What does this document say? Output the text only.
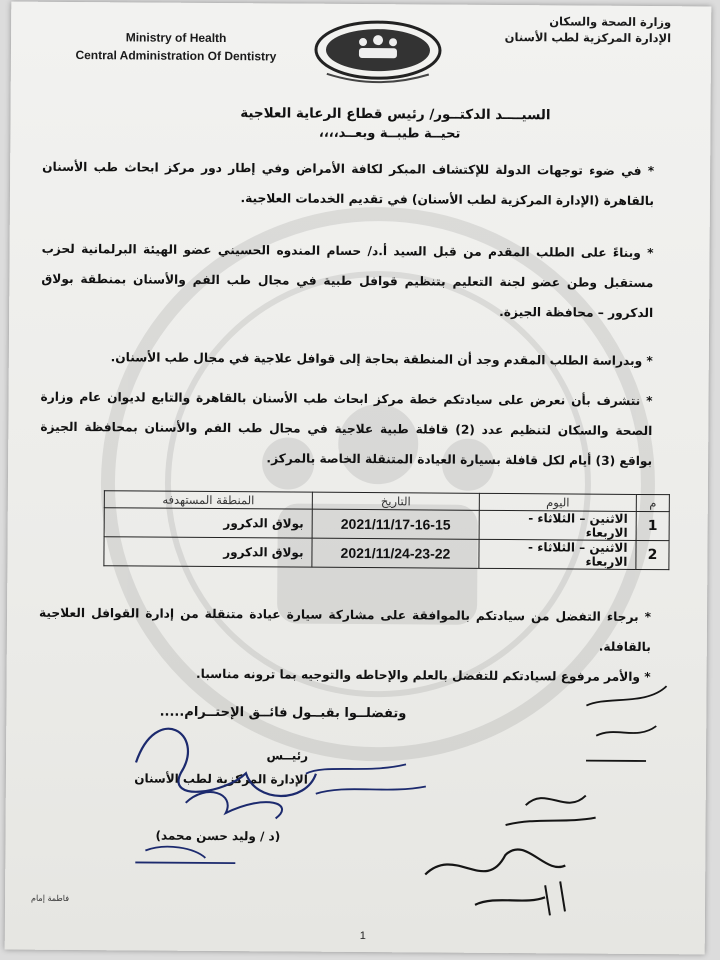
Ministry of Health
Central Administration Of Dentistry
وزارة الصحة والسكان
الإدارة المركزية لطب الأسنان
السيــــد الدكتــور/ رئيس قطاع الرعاية العلاجية
تحيــة طيبــة وبعــد،،،،
* في ضوء توجهات الدولة للإكتشاف المبكر لكافة الأمراض وفي إطار دور مركز ابحاث طب الأسنان بالقاهرة (الإدارة المركزية لطب الأسنان) في تقديم الخدمات العلاجية.
* وبناءً على الطلب المقدم من قبل السيد أ.د/ حسام المندوه الحسيني عضو الهيئة البرلمانية لحزب مستقبل وطن عضو لجنة التعليم بتنظيم قوافل طبية في مجال طب الفم والأسنان بمنطقة بولاق الدكرور – محافظة الجيزة.
* وبدراسة الطلب المقدم وجد أن المنطقة بحاجة إلى قوافل علاجية في مجال طب الأسنان.
* نتشرف بأن نعرض على سيادتكم خطة مركز ابحاث طب الأسنان بالقاهرة والتابع لديوان عام وزارة الصحة والسكان لتنظيم عدد (2) قافلة طبية علاجية في مجال طب الفم والأسنان بمحافظة الجيزة بواقع (3) أيام لكل قافلة بسيارة العيادة المتنقلة الخاصة بالمركز.
م	اليوم	التاريخ	المنطقة المستهدفه
1	الاثنين – الثلاثاء - الاربعاء	2021/11/17-16-15	بولاق الدكرور
2	الاثنين – الثلاثاء - الاربعاء	2021/11/24-23-22	بولاق الدكرور
* برجاء التفضل من سيادتكم بالموافقة على مشاركة سيارة عيادة متنقلة من إدارة القوافل العلاجية بالقافلة.
* والأمر مرفوع لسيادتكم للتفضل بالعلم والإحاطه والتوجيه بما ترونه مناسبا.
وتفضلــوا بقبــول فائــق الإحتــرام.....
رئيــس
الإدارة المركزية لطب الأسنان
(د / وليد حسن محمد)
فاطمة إمام
1
